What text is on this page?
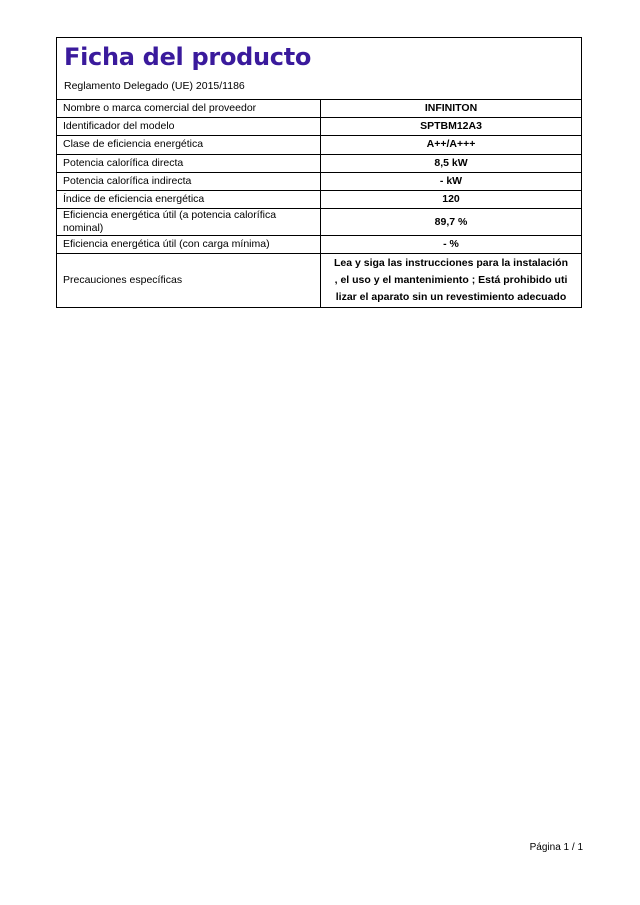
Ficha del producto
Reglamento Delegado (UE) 2015/1186
Nombre o marca comercial del proveedor	INFINITON
Identificador del modelo	SPTBM12A3
Clase de eficiencia energética	A++/A+++
Potencia calorífica directa	8,5 kW
Potencia calorífica indirecta	- kW
Índice de eficiencia energética	120
Eficiencia energética útil (a potencia calorífica nominal)	89,7 %
Eficiencia energética útil (con carga mínima)	- %
Precauciones específicas	Lea y siga las instrucciones para la instalación
, el uso y el mantenimiento ; Está prohibido uti
lizar el aparato sin un revestimiento adecuado
Página 1 / 1
